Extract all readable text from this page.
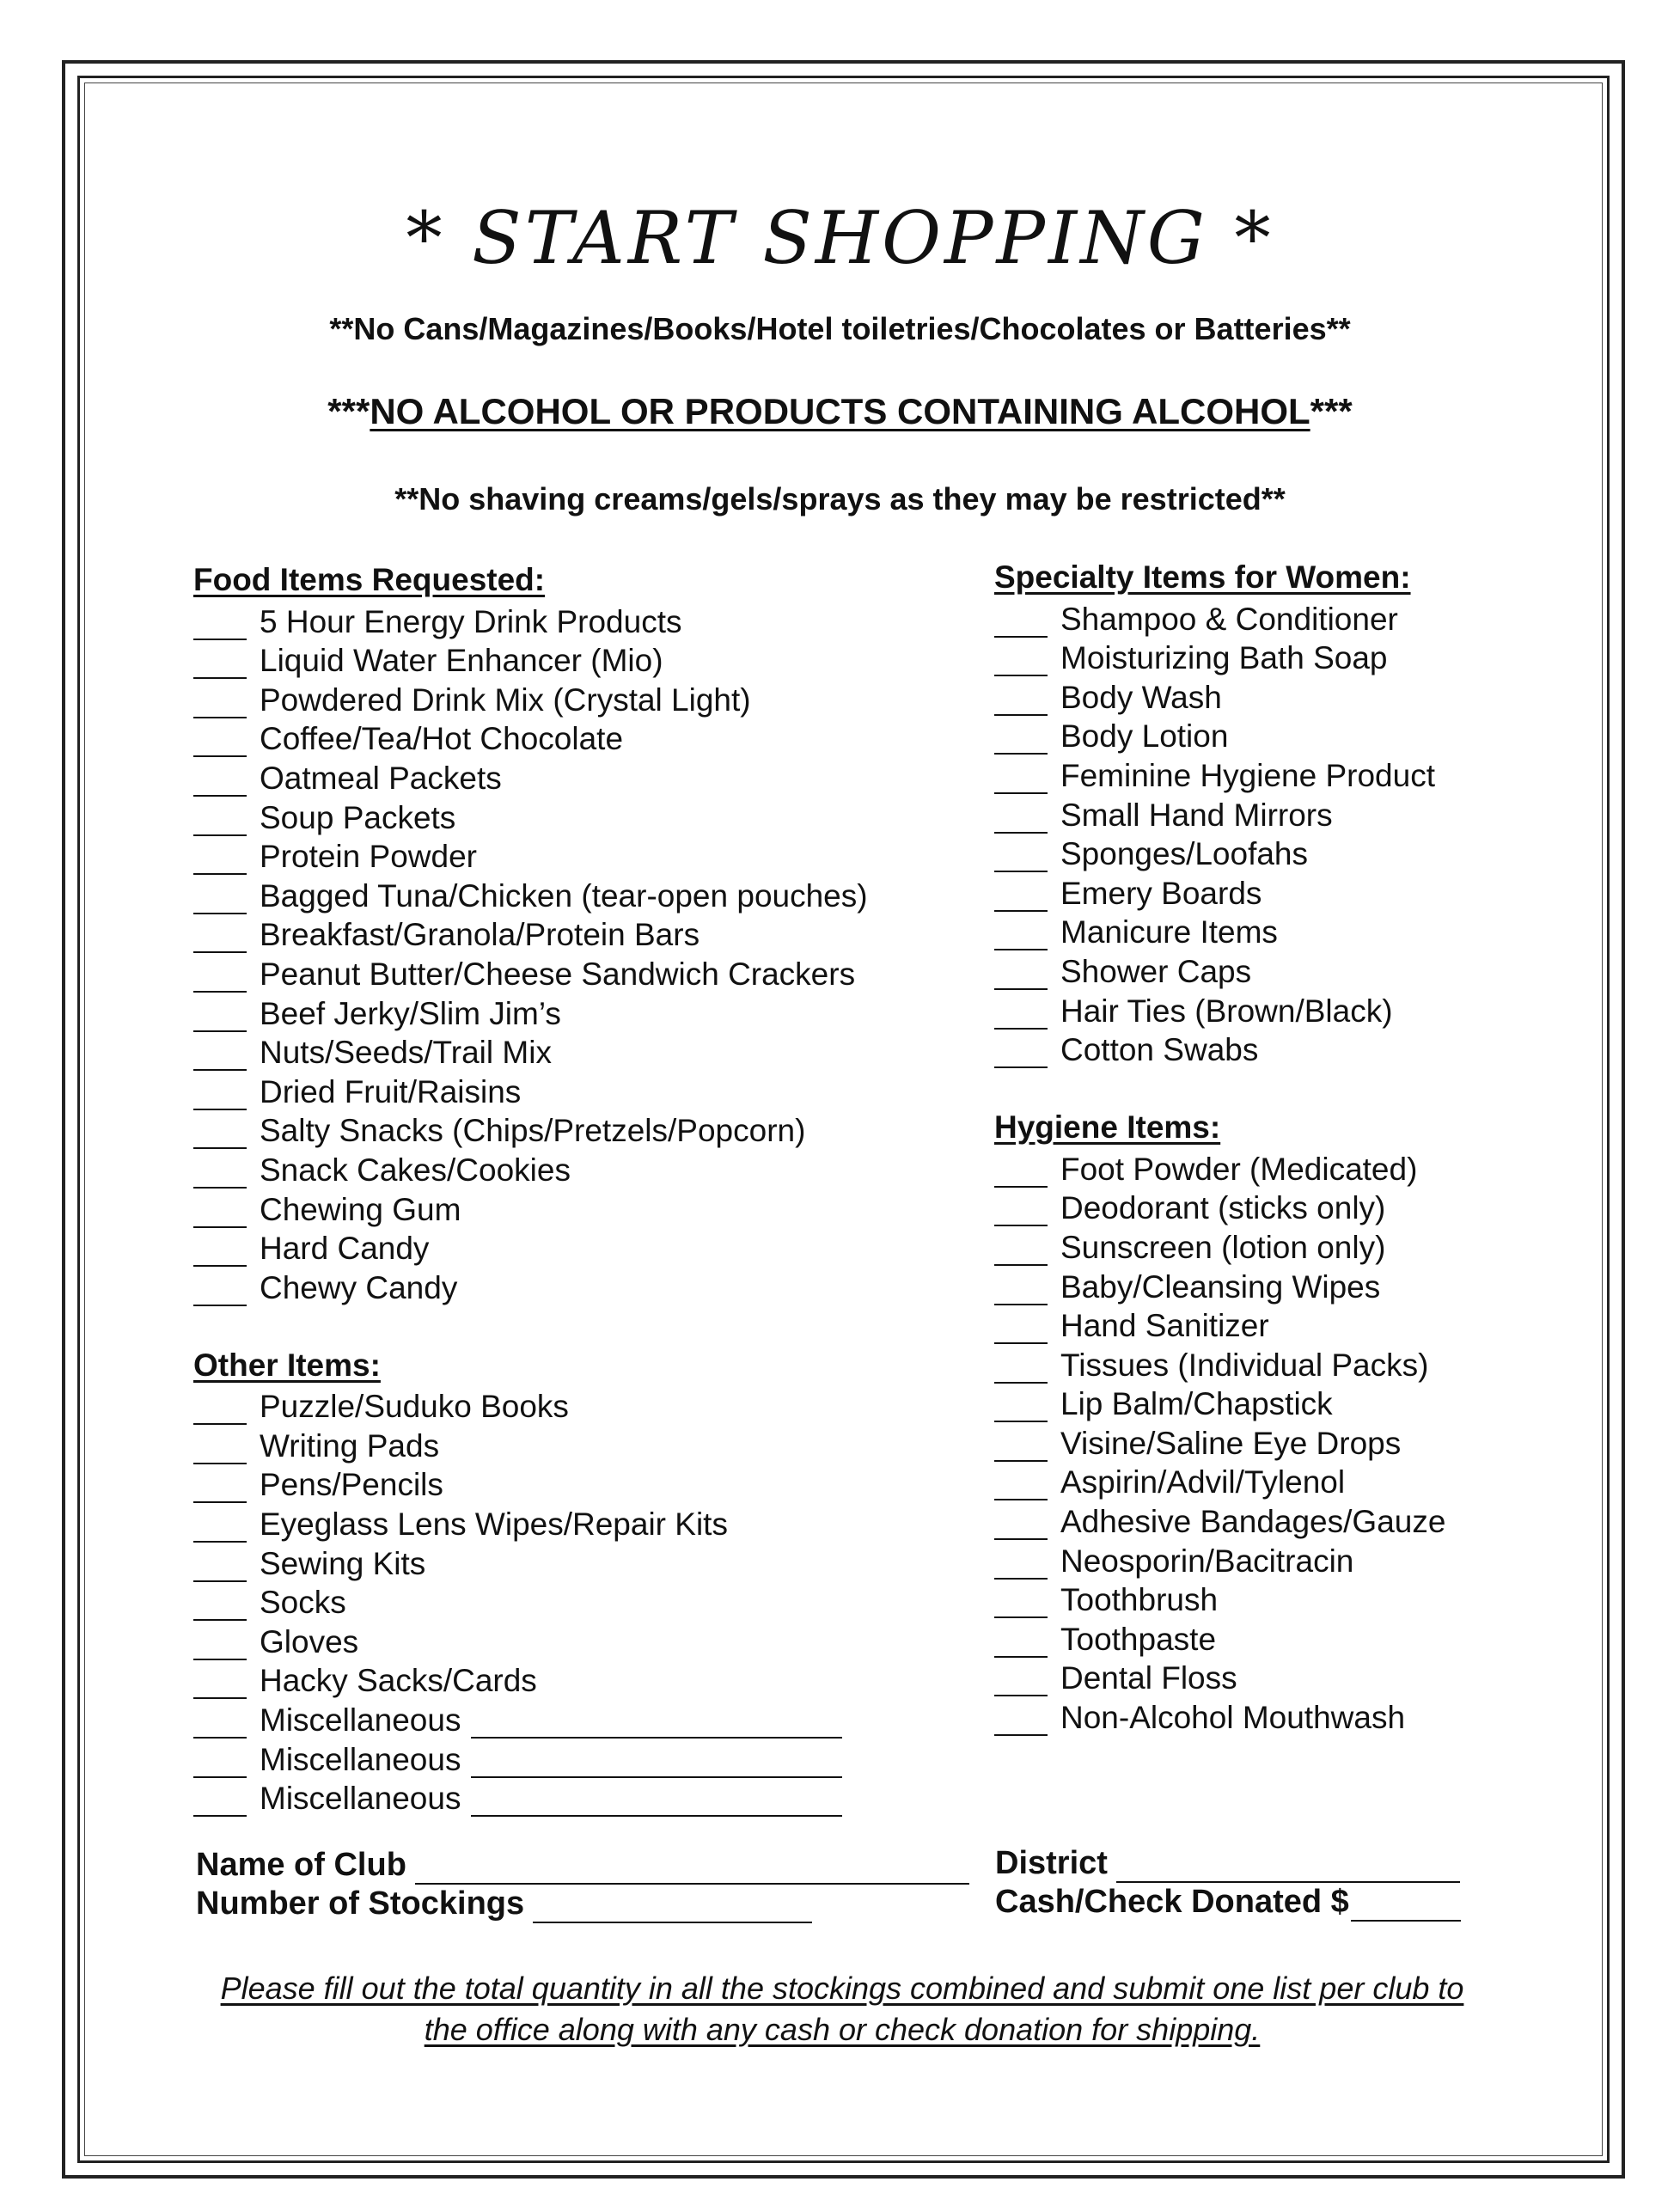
* START SHOPPING *
**No Cans/Magazines/Books/Hotel toiletries/Chocolates or Batteries**
***NO ALCOHOL OR PRODUCTS CONTAINING ALCOHOL***
**No shaving creams/gels/sprays as they may be restricted**
Food Items Requested:
5 Hour Energy Drink Products
Liquid Water Enhancer (Mio)
Powdered Drink Mix (Crystal Light)
Coffee/Tea/Hot Chocolate
Oatmeal Packets
Soup Packets
Protein Powder
Bagged Tuna/Chicken (tear-open pouches)
Breakfast/Granola/Protein Bars
Peanut Butter/Cheese Sandwich Crackers
Beef Jerky/Slim Jim’s
Nuts/Seeds/Trail Mix
Dried Fruit/Raisins
Salty Snacks (Chips/Pretzels/Popcorn)
Snack Cakes/Cookies
Chewing Gum
Hard Candy
Chewy Candy
Other Items:
Puzzle/Suduko Books
Writing Pads
Pens/Pencils
Eyeglass Lens Wipes/Repair Kits
Sewing Kits
Socks
Gloves
Hacky Sacks/Cards
Miscellaneous
Miscellaneous
Miscellaneous
Specialty Items for Women:
Shampoo & Conditioner
Moisturizing Bath Soap
Body Wash
Body Lotion
Feminine Hygiene Product
Small Hand Mirrors
Sponges/Loofahs
Emery Boards
Manicure Items
Shower Caps
Hair Ties (Brown/Black)
Cotton Swabs
Hygiene Items:
Foot Powder (Medicated)
Deodorant (sticks only)
Sunscreen (lotion only)
Baby/Cleansing Wipes
Hand Sanitizer
Tissues (Individual Packs)
Lip Balm/Chapstick
Visine/Saline Eye Drops
Aspirin/Advil/Tylenol
Adhesive Bandages/Gauze
Neosporin/Bacitracin
Toothbrush
Toothpaste
Dental Floss
Non-Alcohol Mouthwash
Name of Club
Number of Stockings
District
Cash/Check Donated $
Please fill out the total quantity in all the stockings combined and submit one list per club to the office along with any cash or check donation for shipping.
